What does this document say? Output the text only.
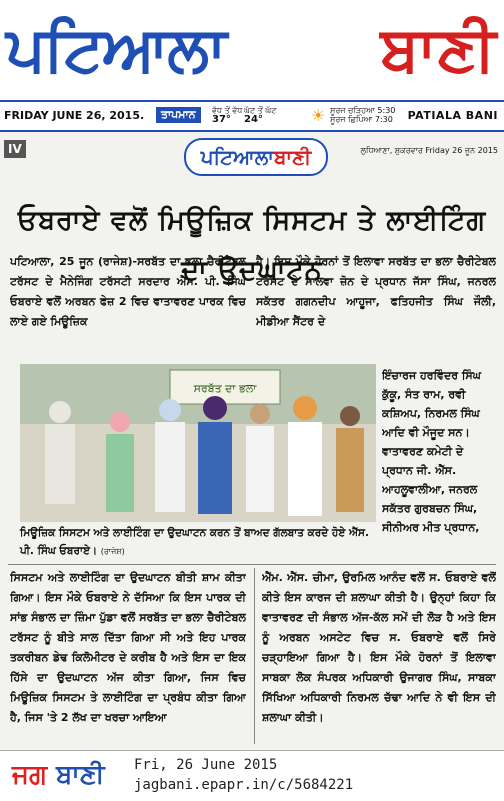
ਪਟਿਆਲਾ	ਬਾਣੀ
FRIDAY JUNE 26, 2015.	ਤਾਪਮਾਨ	ਵੱਧ ਤੋਂ ਵੱਧ
37°
ਘੱਟ ਤੋਂ ਘੱਟ
24°	☀ ਸੂਰਜ ਚੜ੍ਹਿਆ 5:30
ਸੂਰਜ ਛਿਪਿਆ 7:30 PATIALA BANI
IV	ਪਟਿਆਲਾਬਾਣੀ	ਲੁਧਿਆਣਾ, ਸ਼ੁਕਰਵਾਰ Friday 26 ਜੂਨ 2015
ਓਬਰਾਏ ਵਲੋਂ ਮਿਊਜ਼ਿਕ ਸਿਸਟਮ ਤੇ ਲਾਈਟਿੰਗ ਦਾ ਉਦਘਾਟਨ
ਪਟਿਆਲਾ, 25 ਜੂਨ (ਰਾਜੇਸ਼)-ਸਰਬੱਤ ਦਾ ਭਲਾ ਚੈਰੀਟੇਬਲ ਟਰੱਸਟ ਦੇ ਮੈਨੇਜਿੰਗ ਟਰੱਸਟੀ ਸਰਦਾਰ ਐੱਸ. ਪੀ. ਸਿੰਘ ਓਬਰਾਏ ਵਲੋਂ ਅਰਬਨ ਫੇਜ਼ 2 ਵਿਚ ਵਾਤਾਵਰਣ ਪਾਰਕ ਵਿਚ ਲਾਏ ਗਏ ਮਿਊਜ਼ਿਕ
ਹੈ। ਇਸ ਮੌਕੇ ਹੋਰਨਾਂ ਤੋਂ ਇਲਾਵਾ ਸਰਬੱਤ ਦਾ ਭਲਾ ਚੈਰੀਟੇਬਲ ਟਰੱਸਟ ਦੇ ਮਾਲਵਾ ਜ਼ੋਨ ਦੇ ਪ੍ਰਧਾਨ ਜੱਸਾ ਸਿੰਘ, ਜਨਰਲ ਸਕੱਤਰ ਗਗਨਦੀਪ ਆਹੂਜਾ, ਫਤਿਹਜੀਤ ਸਿੰਘ ਜੌਲੀ, ਮੀਡੀਆ ਸੈਂਟਰ ਦੇ
ਸਰਬੱਤ ਦਾ ਭਲਾ
ਇੰਚਾਰਜ ਹਰਵਿੰਦਰ ਸਿੰਘ ਕੁੱਕੂ, ਸੰਤ ਰਾਮ, ਰਵੀ ਕਸ਼ਿਅਪ, ਨਿਰਮਲ ਸਿੰਘ ਆਦਿ ਵੀ ਮੌਜੂਦ ਸਨ। ਵਾਤਾਵਰਣ ਕਮੇਟੀ ਦੇ ਪ੍ਰਧਾਨ ਜੀ. ਐੱਸ. ਆਹਲੂਵਾਲੀਆ, ਜਨਰਲ ਸਕੱਤਰ ਗੁਰਬਚਨ ਸਿੰਘ, ਸੀਨੀਅਰ ਮੀਤ ਪ੍ਰਧਾਨ,
ਮਿਊਜ਼ਿਕ ਸਿਸਟਮ ਅਤੇ ਲਾਈਟਿੰਗ ਦਾ ਉਦਘਾਟਨ ਕਰਨ ਤੋਂ ਬਾਅਦ ਗੱਲਬਾਤ ਕਰਦੇ ਹੋਏ ਐੱਸ. ਪੀ. ਸਿੰਘ ਓਬਰਾਏ। (ਰਾਜੇਸ਼)
ਸਿਸਟਮ ਅਤੇ ਲਾਈਟਿੰਗ ਦਾ ਉਦਘਾਟਨ ਬੀਤੀ ਸ਼ਾਮ ਕੀਤਾ ਗਿਆ। ਇਸ ਮੌਕੇ ਓਬਰਾਏ ਨੇ ਦੱਸਿਆ ਕਿ ਇਸ ਪਾਰਕ ਦੀ ਸਾਂਭ ਸੰਭਾਲ ਦਾ ਜ਼ਿੰਮਾ ਪੁੱਡਾ ਵਲੋਂ ਸਰਬੱਤ ਦਾ ਭਲਾ ਚੈਰੀਟੇਬਲ ਟਰੱਸਟ ਨੂੰ ਬੀਤੇ ਸਾਲ ਦਿੱਤਾ ਗਿਆ ਸੀ ਅਤੇ ਇਹ ਪਾਰਕ ਤਕਰੀਬਨ ਡੇਢ ਕਿਲੋਮੀਟਰ ਦੇ ਕਰੀਬ ਹੈ ਅਤੇ ਇਸ ਦਾ ਇਕ ਹਿੱਸੇ ਦਾ ਉਦਘਾਟਨ ਅੱਜ ਕੀਤਾ ਗਿਆ, ਜਿਸ ਵਿਚ ਮਿਊਜ਼ਿਕ ਸਿਸਟਮ ਤੇ ਲਾਈਟਿੰਗ ਦਾ ਪ੍ਰਬੰਧ ਕੀਤਾ ਗਿਆ ਹੈ, ਜਿਸ 'ਤੇ 2 ਲੱਖ ਦਾ ਖਰਚਾ ਆਇਆ
ਐੱਮ. ਐੱਸ. ਚੀਮਾ, ਉਰਮਿਲ ਆਨੰਦ ਵਲੋਂ ਸ. ਓਬਰਾਏ ਵਲੋਂ ਕੀਤੇ ਇਸ ਕਾਰਜ ਦੀ ਸ਼ਲਾਘਾ ਕੀਤੀ ਹੈ। ਉਨ੍ਹਾਂ ਕਿਹਾ ਕਿ ਵਾਤਾਵਰਣ ਦੀ ਸੰਭਾਲ ਅੱਜ-ਕੱਲ ਸਮੇਂ ਦੀ ਲੋੜ ਹੈ ਅਤੇ ਇਸ ਨੂੰ ਅਰਬਨ ਅਸਟੇਟ ਵਿਚ ਸ. ਓਬਰਾਏ ਵਲੋਂ ਸਿਰੇ ਚੜ੍ਹਾਇਆ ਗਿਆ ਹੈ। ਇਸ ਮੌਕੇ ਹੋਰਨਾਂ ਤੋਂ ਇਲਾਵਾ ਸਾਬਕਾ ਲੋਕ ਸੰਪਰਕ ਅਧਿਕਾਰੀ ਉਜਾਗਰ ਸਿੰਘ, ਸਾਬਕਾ ਸਿੱਖਿਆ ਅਧਿਕਾਰੀ ਨਿਰਮਲ ਚੱਢਾ ਆਦਿ ਨੇ ਵੀ ਇਸ ਦੀ ਸ਼ਲਾਘਾ ਕੀਤੀ।
ਜਗ ਬਾਣੀ Fri, 26 June 2015
jagbani.epapr.in/c/5684221
